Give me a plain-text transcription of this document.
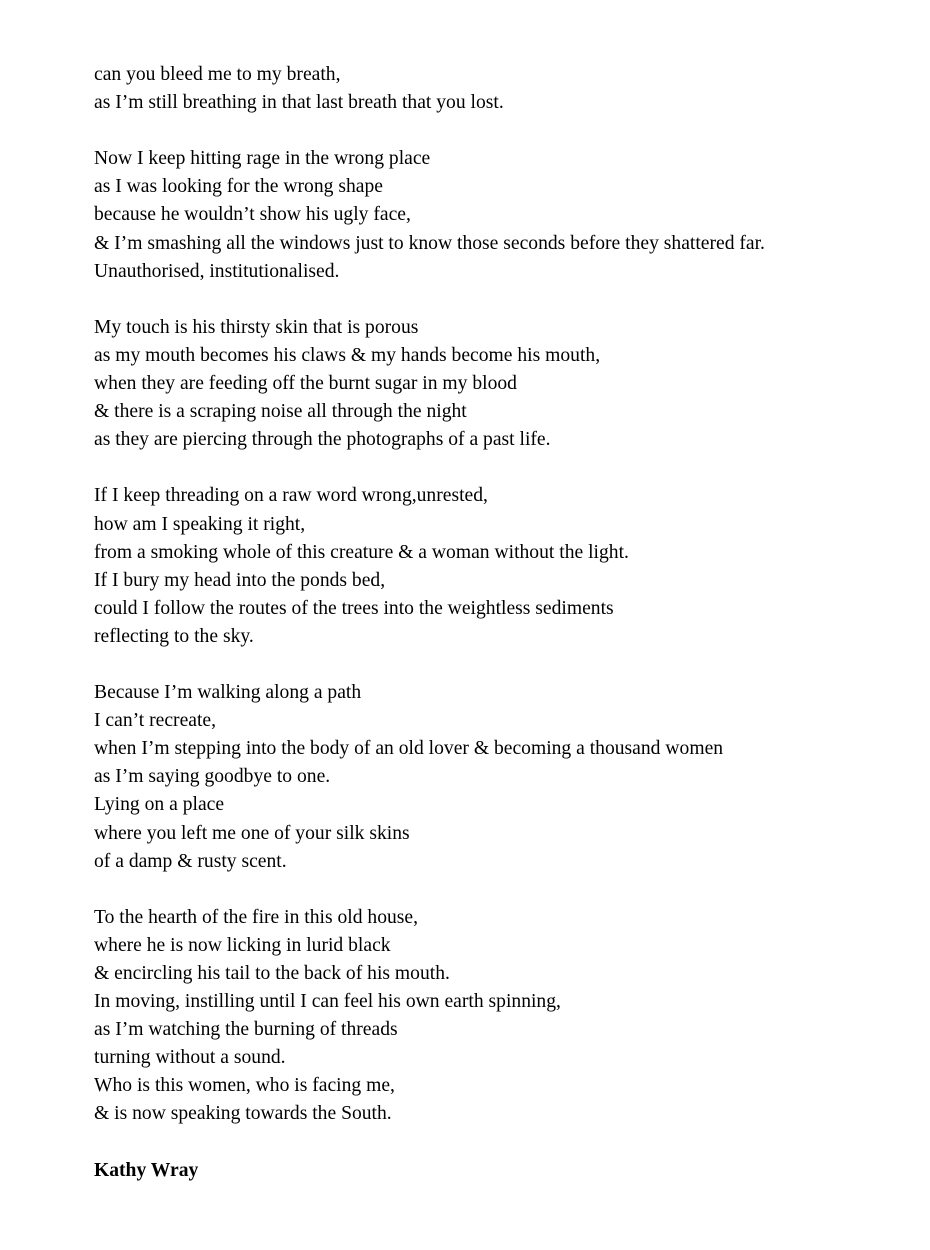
can you bleed me to my breath,
as I’m still breathing in that last breath that you lost.
Now I keep hitting rage in the wrong place
as I was looking for the wrong shape
because he wouldn’t show his ugly face,
& I’m smashing all the windows just to know those seconds before they shattered far.
Unauthorised, institutionalised.
My touch is his thirsty skin that is porous
as my mouth becomes his claws & my hands become his mouth,
when they are feeding off the burnt sugar in my blood
& there is a scraping noise all through the night
as they are piercing through the photographs of a past life.
If I keep threading on a raw word wrong,unrested,
how am I speaking it right,
from a smoking whole of this creature & a woman without the light.
If I bury my head into the ponds bed,
could I follow the routes of the trees into the weightless sediments
reflecting to the sky.
Because I’m walking along a path
I can’t recreate,
when I’m stepping into the body of an old lover & becoming a thousand women
as I’m saying goodbye to one.
Lying on a place
where you left me one of your silk skins
of a damp & rusty scent.
To the hearth of the fire in this old house,
where he is now licking in lurid black
& encircling his tail to the back of his mouth.
In moving, instilling until I can feel his own earth spinning,
as I’m watching the burning of threads
turning without a sound.
Who is this women, who is facing me,
& is now speaking towards the South.
Kathy Wray
